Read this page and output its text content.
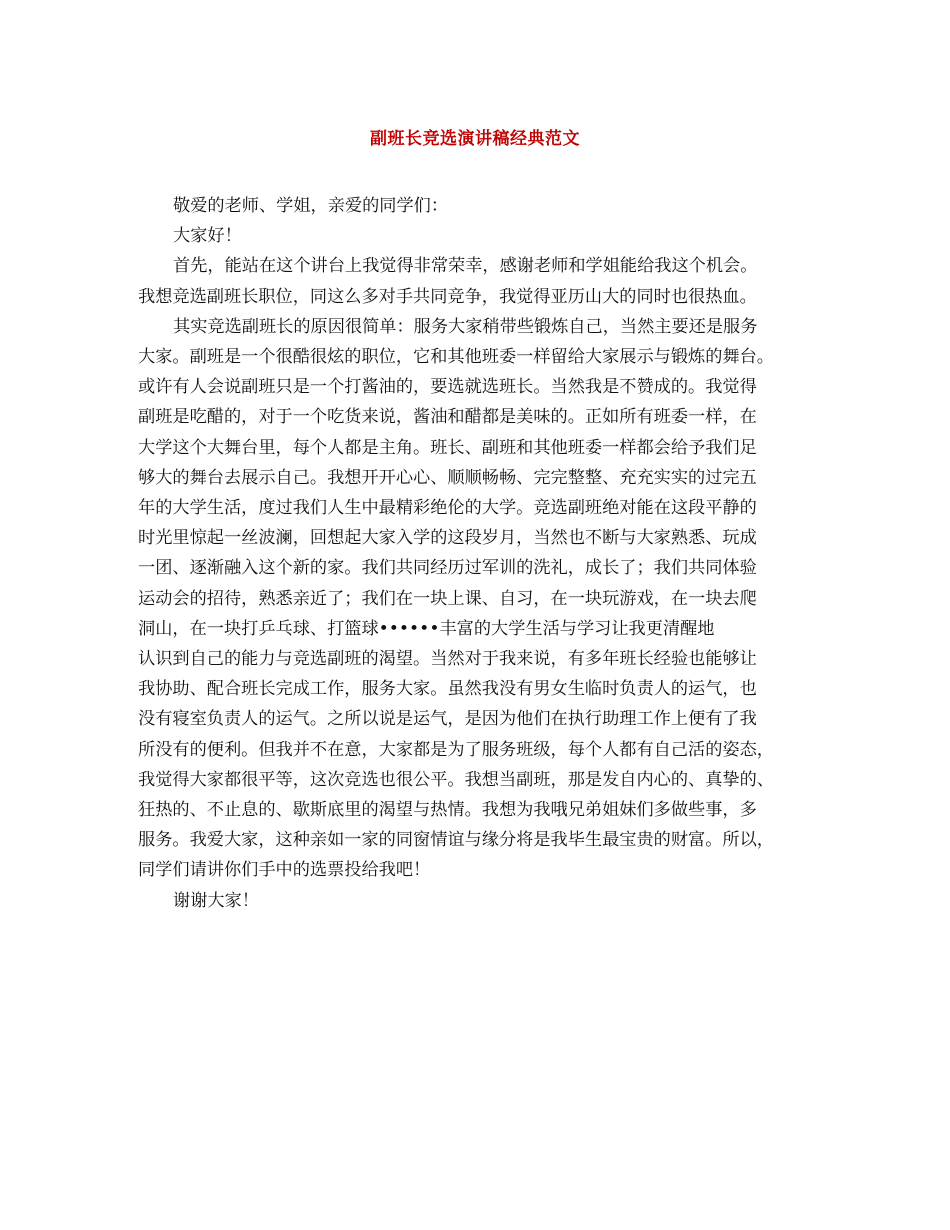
副班长竞选演讲稿经典范文
敬爱的老师、学姐，亲爱的同学们：
大家好！
首先，能站在这个讲台上我觉得非常荣幸，感谢老师和学姐能给我这个机会。
我想竞选副班长职位，同这么多对手共同竞争，我觉得亚历山大的同时也很热血。
其实竞选副班长的原因很简单：服务大家稍带些锻炼自己，当然主要还是服务
大家。副班是一个很酷很炫的职位，它和其他班委一样留给大家展示与锻炼的舞台。
或许有人会说副班只是一个打酱油的，要选就选班长。当然我是不赞成的。我觉得
副班是吃醋的，对于一个吃货来说，酱油和醋都是美味的。正如所有班委一样，在
大学这个大舞台里，每个人都是主角。班长、副班和其他班委一样都会给予我们足
够大的舞台去展示自己。我想开开心心、顺顺畅畅、完完整整、充充实实的过完五
年的大学生活，度过我们人生中最精彩绝伦的大学。竞选副班绝对能在这段平静的
时光里惊起一丝波澜，回想起大家入学的这段岁月，当然也不断与大家熟悉、玩成
一团、逐渐融入这个新的家。我们共同经历过军训的洗礼，成长了；我们共同体验
运动会的招待，熟悉亲近了；我们在一块上课、自习，在一块玩游戏，在一块去爬
洞山，在一块打乒乓球、打篮球••••••丰富的大学生活与学习让我更清醒地
认识到自己的能力与竞选副班的渴望。当然对于我来说，有多年班长经验也能够让
我协助、配合班长完成工作，服务大家。虽然我没有男女生临时负责人的运气，也
没有寝室负责人的运气。之所以说是运气，是因为他们在执行助理工作上便有了我
所没有的便利。但我并不在意，大家都是为了服务班级，每个人都有自己活的姿态，
我觉得大家都很平等，这次竞选也很公平。我想当副班，那是发自内心的、真挚的、
狂热的、不止息的、歇斯底里的渴望与热情。我想为我哦兄弟姐妹们多做些事，多
服务。我爱大家，这种亲如一家的同窗情谊与缘分将是我毕生最宝贵的财富。所以，
同学们请讲你们手中的选票投给我吧！
谢谢大家！
